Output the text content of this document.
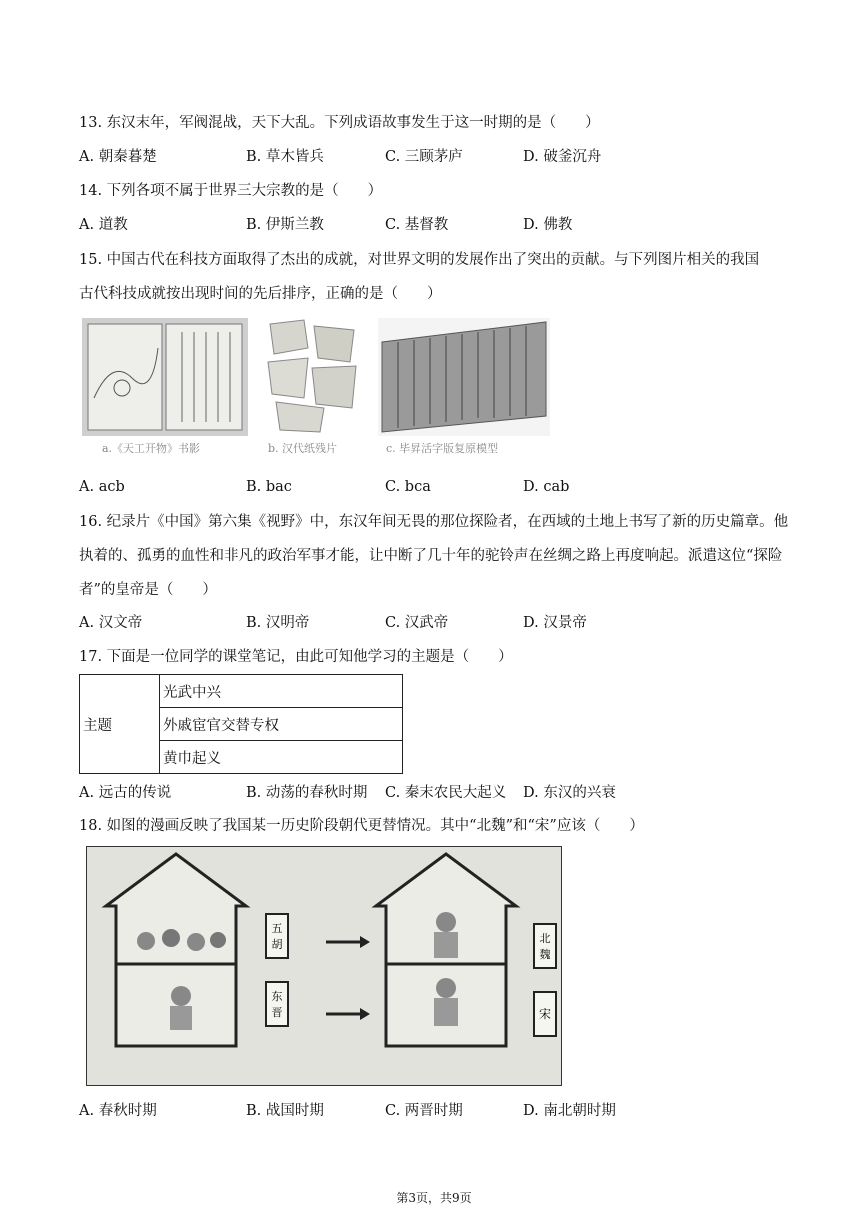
13. 东汉末年，军阀混战，天下大乱。下列成语故事发生于这一时期的是（　　）
A. 朝秦暮楚	B. 草木皆兵	C. 三顾茅庐	D. 破釜沉舟
14. 下列各项不属于世界三大宗教的是（　　）
A. 道教	B. 伊斯兰教	C. 基督教	D. 佛教
15. 中国古代在科技方面取得了杰出的成就，对世界文明的发展作出了突出的贡献。与下列图片相关的我国
古代科技成就按出现时间的先后排序，正确的是（　　）
a.《天工开物》书影	b. 汉代纸残片	c. 毕昇活字版复原模型
A. acb	B. bac	C. bca	D. cab
16. 纪录片《中国》第六集《视野》中，东汉年间无畏的那位探险者，在西域的土地上书写了新的历史篇章。他执着的、孤勇的血性和非凡的政治军事才能，让中断了几十年的驼铃声在丝绸之路上再度响起。派遣这位“探险者”的皇帝是（　　）
A. 汉文帝	B. 汉明帝	C. 汉武帝	D. 汉景帝
17. 下面是一位同学的课堂笔记，由此可知他学习的主题是（　　）
主题	光武中兴
外戚宦官交替专权
黄巾起义
A. 远古的传说	B. 动荡的春秋时期 C. 秦末农民大起义 D. 东汉的兴衰
18. 如图的漫画反映了我国某一历史阶段朝代更替情况。其中“北魏”和“宋”应该（　　）
五胡
东晋
北魏
宋
A. 春秋时期	B. 战国时期	C. 两晋时期	D. 南北朝时期
第3页，共9页
